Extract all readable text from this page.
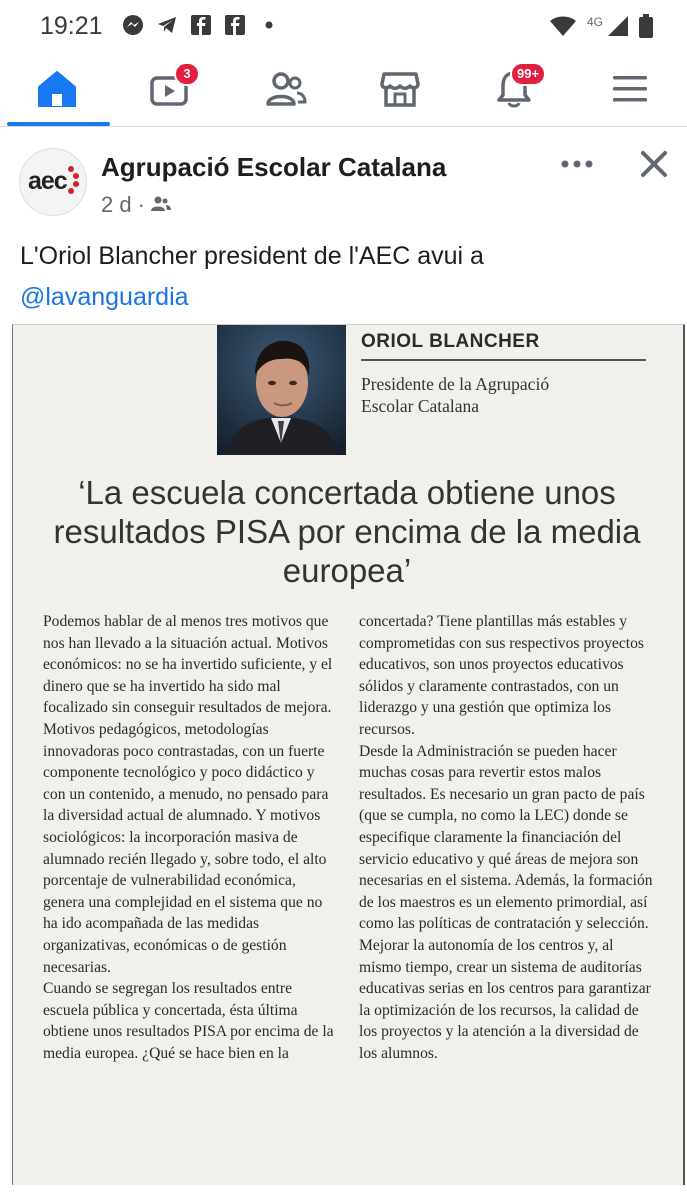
19:21	4G
3	99+
aec Agrupació Escolar Catalana
2 d ·
L'Oriol Blancher president de l'AEC avui a
@lavanguardia
ORIOL BLANCHER
Presidente de la Agrupació Escolar Catalana
‘La escuela concertada obtiene unos resultados PISA por encima de la media europea’

Podemos hablar de al menos tres motivos que nos han llevado a la situación actual. Motivos económicos: no se ha invertido suficiente, y el dinero que se ha invertido ha sido mal focalizado sin conseguir resultados de mejora. Motivos pedagógicos, metodologías innovadoras poco contrastadas, con un fuerte componente tecnológico y poco didáctico y con un contenido, a menudo, no pensado para la diversidad actual de alumnado. Y motivos sociológicos: la incorporación masiva de alumnado recién llegado y, sobre todo, el alto porcentaje de vulnerabilidad económica, genera una complejidad en el sistema que no ha ido acompañada de las medidas organizativas, económicas o de gestión necesarias.

Cuando se segregan los resultados entre escuela pública y concertada, ésta última obtiene unos resultados PISA por encima de la media europea. ¿Qué se hace bien en la

concertada? Tiene plantillas más estables y comprometidas con sus respectivos proyectos educativos, son unos proyectos educativos sólidos y claramente contrastados, con un liderazgo y una gestión que optimiza los recursos.

Desde la Administración se pueden hacer muchas cosas para revertir estos malos resultados. Es necesario un gran pacto de país (que se cumpla, no como la LEC) donde se especifique claramente la financiación del servicio educativo y qué áreas de mejora son necesarias en el sistema. Además, la formación de los maestros es un elemento primordial, así como las políticas de contratación y selección. Mejorar la autonomía de los centros y, al mismo tiempo, crear un sistema de auditorías educativas serias en los centros para garantizar la optimización de los recursos, la calidad de los proyectos y la atención a la diversidad de los alumnos.
